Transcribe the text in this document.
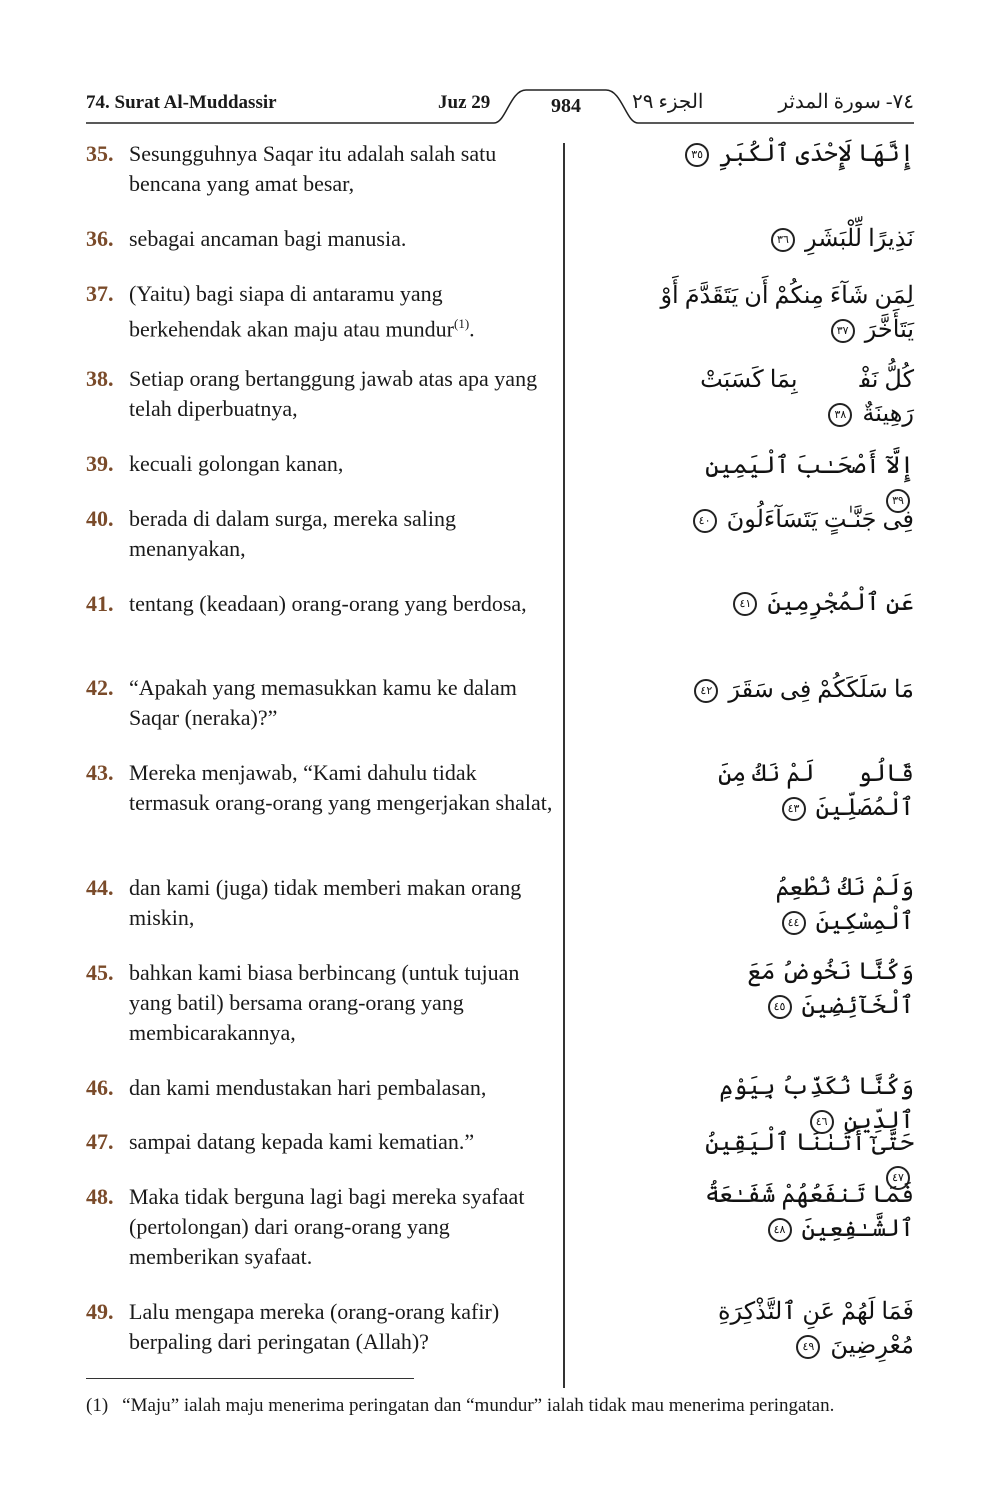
74. Surat Al-Muddassir	Juz 29	984	الجزء ٢٩	٧٤- سورة المدثر
35. Sesungguhnya Saqar itu adalah salah satu bencana yang amat besar,
إِنَّهَا لَإِحْدَى ٱلْكُبَرِ ٣٥
36. sebagai ancaman bagi manusia.	نَذِيرًا لِّلْبَشَرِ ٣٦
37. (Yaitu) bagi siapa di antaramu yang berkehendak akan maju atau mundur$^{(1)}$.
لِمَن شَآءَ مِنكُمْ أَن يَتَقَدَّمَ أَوْ يَتَأَخَّرَ ٣٧
38. Setiap orang bertanggung jawab atas apa yang telah diperbuatnya,
كُلُّ نَفْسٍۭ بِمَا كَسَبَتْ رَهِينَةٌ ٣٨
39. kecuali golongan kanan,	إِلَّآ أَصْحَـٰبَ ٱلْيَمِينِ ٣٩
40. berada di dalam surga, mereka saling menanyakan,
فِى جَنَّـٰتٍ يَتَسَآءَلُونَ ٤٠
41. tentang (keadaan) orang-orang yang berdosa,	عَنِ ٱلْمُجْرِمِينَ ٤١
42. “Apakah yang memasukkan kamu ke dalam Saqar (neraka)?”
مَا سَلَكَكُمْ فِى سَقَرَ ٤٢
43. Mereka menjawab, “Kami dahulu tidak termasuk orang-orang yang mengerjakan shalat,
قَالُوا۟ لَمْ نَكُ مِنَ ٱلْمُصَلِّينَ ٤٣
44. dan kami (juga) tidak memberi makan orang miskin,
وَلَمْ نَكُ نُطْعِمُ ٱلْمِسْكِينَ ٤٤
45. bahkan kami biasa berbincang (untuk tujuan yang batil) bersama orang-orang yang membicarakannya,
وَكُنَّا نَخُوضُ مَعَ ٱلْخَآئِضِينَ ٤٥
46. dan kami mendustakan hari pembalasan,	وَكُنَّا نُكَذِّبُ بِيَوْمِ ٱلدِّينِ ٤٦
47. sampai datang kepada kami kematian.”	حَتَّىٰٓ أَتَىٰنَا ٱلْيَقِينُ ٤٧
48. Maka tidak berguna lagi bagi mereka syafaat (pertolongan) dari orang-orang yang memberikan syafaat.
فَمَا تَنفَعُهُمْ شَفَـٰعَةُ ٱلشَّـٰفِعِينَ ٤٨
49. Lalu mengapa mereka (orang-orang kafir) berpaling dari peringatan (Allah)?
فَمَا لَهُمْ عَنِ ٱلتَّذْكِرَةِ مُعْرِضِينَ ٤٩
(1) “Maju” ialah maju menerima peringatan dan “mundur” ialah tidak mau menerima peringatan.
